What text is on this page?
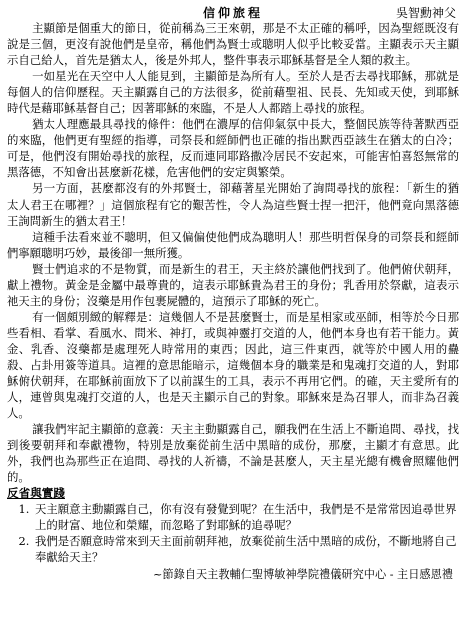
信仰旅程	吳智勳神父

主顯節是個重大的節日，從前稱為三王來朝，那是不太正確的稱呼，因為聖經既沒有說是三個，更沒有說他們是皇帝，稱他們為賢士或聰明人似乎比較妥當。主顯表示天主顯示自己給人，首先是猶太人，後是外邦人，整件事表示耶穌基督是全人類的救主。

一如星光在天空中人人能見到，主顯節是為所有人。至於人是否去尋找耶穌，那就是每個人的信仰歷程。天主顯露自己的方法很多，從前藉聖祖、民長、先知或天使，到耶穌時代是藉耶穌基督自己；因著耶穌的來臨，不是人人都踏上尋找的旅程。

猶太人理應最具尋找的條件：他們在濃厚的信仰氣氛中長大，整個民族等待著默西亞的來臨，他們更有聖經的指導，司祭長和經師們也正確的指出默西亞該生在猶太的白冷；可是，他們沒有開始尋找的旅程，反而連同耶路撒冷居民不安起來，可能害怕喜怒無常的黑落德，不知會出甚麼新花樣，危害他們的安定與繁榮。

另一方面，甚麼都沒有的外邦賢士，卻藉著星光開始了詢問尋找的旅程：「新生的猶太人君王在哪裡？」這個旅程有它的艱苦性，令人為這些賢士捏一把汗，他們竟向黑落德王詢問新生的猶太君王！

這種手法看來並不聰明，但又偏偏使他們成為聰明人！那些明哲保身的司祭長和經師們寧願聰明巧妙，最後卻一無所獲。

賢士們追求的不是物質，而是新生的君王，天主終於讓他們找到了。他們俯伏朝拜，獻上禮物。黃金是金屬中最尊貴的，這表示耶穌貴為君王的身份；乳香用於祭獻，這表示祂天主的身份；沒藥是用作包裹屍體的，這預示了耶穌的死亡。

有一個頗別緻的解釋是：這幾個人不是甚麼賢士，而是星相家或巫師，相等於今日那些看相、看掌、看風水、問米、神打，或與神靈打交道的人，他們本身也有若干能力。黃金、乳香、沒藥都是處理死人時常用的東西；因此，這三件東西，就等於中國人用的蠱殺、占卦用簽等道具。這裡的意思能暗示，這幾個本身的職業是和鬼魂打交道的人，對耶穌俯伏朝拜，在耶穌前面放下了以前謀生的工具，表示不再用它們。的確，天主愛所有的人，連曾與鬼魂打交道的人，也是天主顯示自己的對象。耶穌來是為召罪人，而非為召義人。

讓我們牢記主顯節的意義：天主主動顯露自己，願我們在生活上不斷追問、尋找，找到後要朝拜和奉獻禮物，特別是放棄從前生活中黑暗的成份，那麼，主顯才有意思。此外，我們也為那些正在追問、尋找的人祈禱，不論是甚麼人，天主星光總有機會照耀他們的。

反省與實踐

1. 天主願意主動顯露自己，你有沒有發覺到呢？在生活中，我們是不是常常因追尋世界上的財富、地位和榮耀，而忽略了對耶穌的追尋呢？
2. 我們是否願意時常來到天主面前朝拜祂，放棄從前生活中黑暗的成份，不斷地將自己奉獻給天主？
~節錄自天主教輔仁聖博敏神學院禮儀研究中心 - 主日感恩禮
